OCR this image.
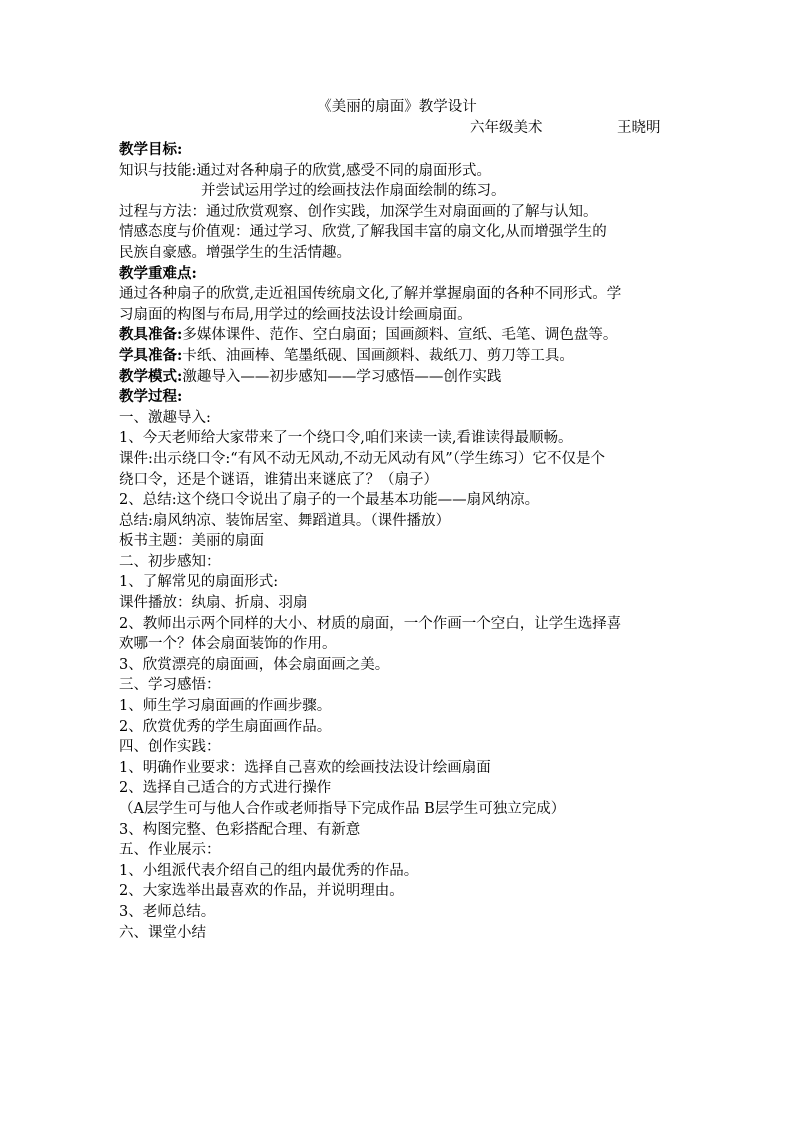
《美丽的扇面》教学设计
六年级美术	王晓明
教学目标:
知识与技能:通过对各种扇子的欣赏,感受不同的扇面形式。
并尝试运用学过的绘画技法作扇面绘制的练习。
过程与方法：通过欣赏观察、创作实践，加深学生对扇面画的了解与认知。
情感态度与价值观：通过学习、欣赏,了解我国丰富的扇文化,从而增强学生的
民族自豪感。增强学生的生活情趣。
教学重难点:
通过各种扇子的欣赏,走近祖国传统扇文化,了解并掌握扇面的各种不同形式。学
习扇面的构图与布局,用学过的绘画技法设计绘画扇面。
教具准备:多媒体课件、范作、空白扇面；国画颜料、宣纸、毛笔、调色盘等。
学具准备:卡纸、油画棒、笔墨纸砚、国画颜料、裁纸刀、剪刀等工具。
教学模式:激趣导入——初步感知——学习感悟——创作实践
教学过程:
一、激趣导入:
1、今天老师给大家带来了一个绕口令,咱们来读一读,看谁读得最顺畅。
课件:出示绕口令:“有风不动无风动,不动无风动有风”（学生练习）它不仅是个
绕口令，还是个谜语，谁猜出来谜底了？（扇子）
2、总结:这个绕口令说出了扇子的一个最基本功能——扇风纳凉。
总结:扇风纳凉、装饰居室、舞蹈道具。（课件播放）
板书主题：美丽的扇面
二、初步感知：
1、了解常见的扇面形式:
课件播放：纨扇、折扇、羽扇
2、教师出示两个同样的大小、材质的扇面，一个作画一个空白，让学生选择喜
欢哪一个？体会扇面装饰的作用。
3、欣赏漂亮的扇面画，体会扇面画之美。
三、学习感悟：
1、师生学习扇面画的作画步骤。
2、欣赏优秀的学生扇面画作品。
四、创作实践：
1、明确作业要求：选择自己喜欢的绘画技法设计绘画扇面
2、选择自己适合的方式进行操作
（A层学生可与他人合作或老师指导下完成作品 B层学生可独立完成）
3、构图完整、色彩搭配合理、有新意
五、作业展示：
1、小组派代表介绍自己的组内最优秀的作品。
2、大家选举出最喜欢的作品，并说明理由。
3、老师总结。
六、课堂小结
